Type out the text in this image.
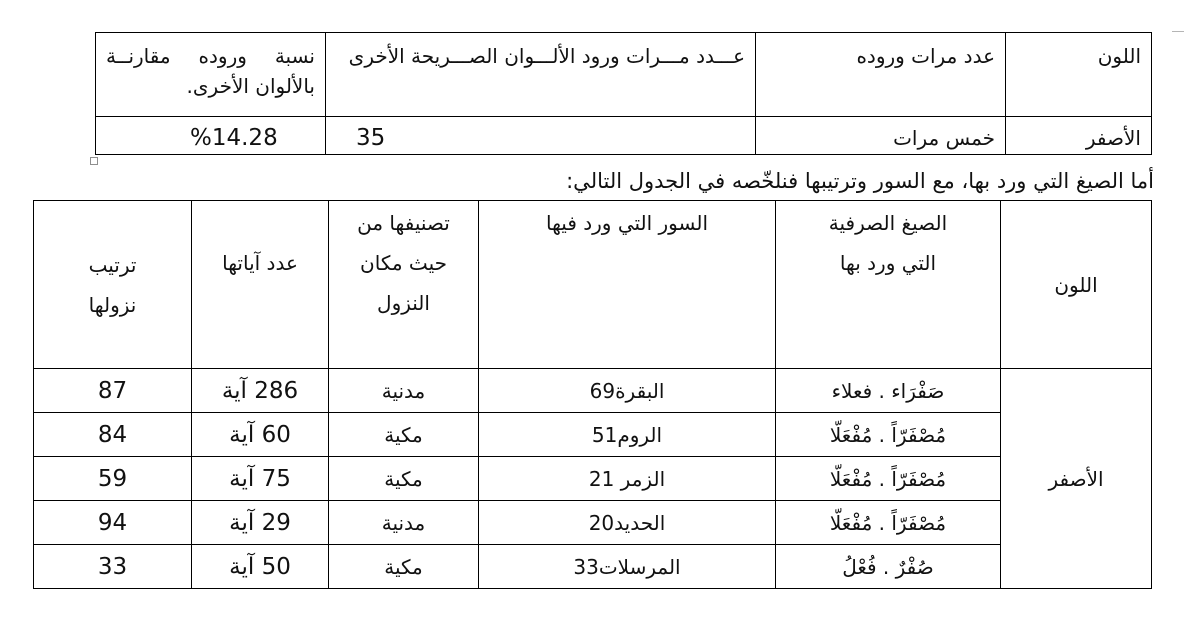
اللون	عدد مرات وروده	عـــدد مـــرات ورود الألـــوان الصـــريحة الأخرى	نسبة وروده مقارنــة بالألوان الأخرى.
الأصفر	خمس مرات	35	%14.28
أما الصيغ التي ورد بها، مع السور وترتيبها فنلخّصه في الجدول التالي:
اللون	الصيغ الصرفية التي ورد بها	السور التي ورد فيها	تصنيفها من حيث مكان النزول	عدد آياتها	ترتيب نزولها
الأصفر	صَفْرَاء . فعلاء	البقرة69	مدنية	286 آية	87
	مُصْفَرّاً . مُفْعَلّا	الروم51	مكية	60 آية	84
	مُصْفَرّاً . مُفْعَلّا	الزمر 21	مكية	75 آية	59
	مُصْفَرّاً . مُفْعَلّا	الحديد20	مدنية	29 آية	94
	صُفْرٌ . فُعْلُ	المرسلات33	مكية	50 آية	33
